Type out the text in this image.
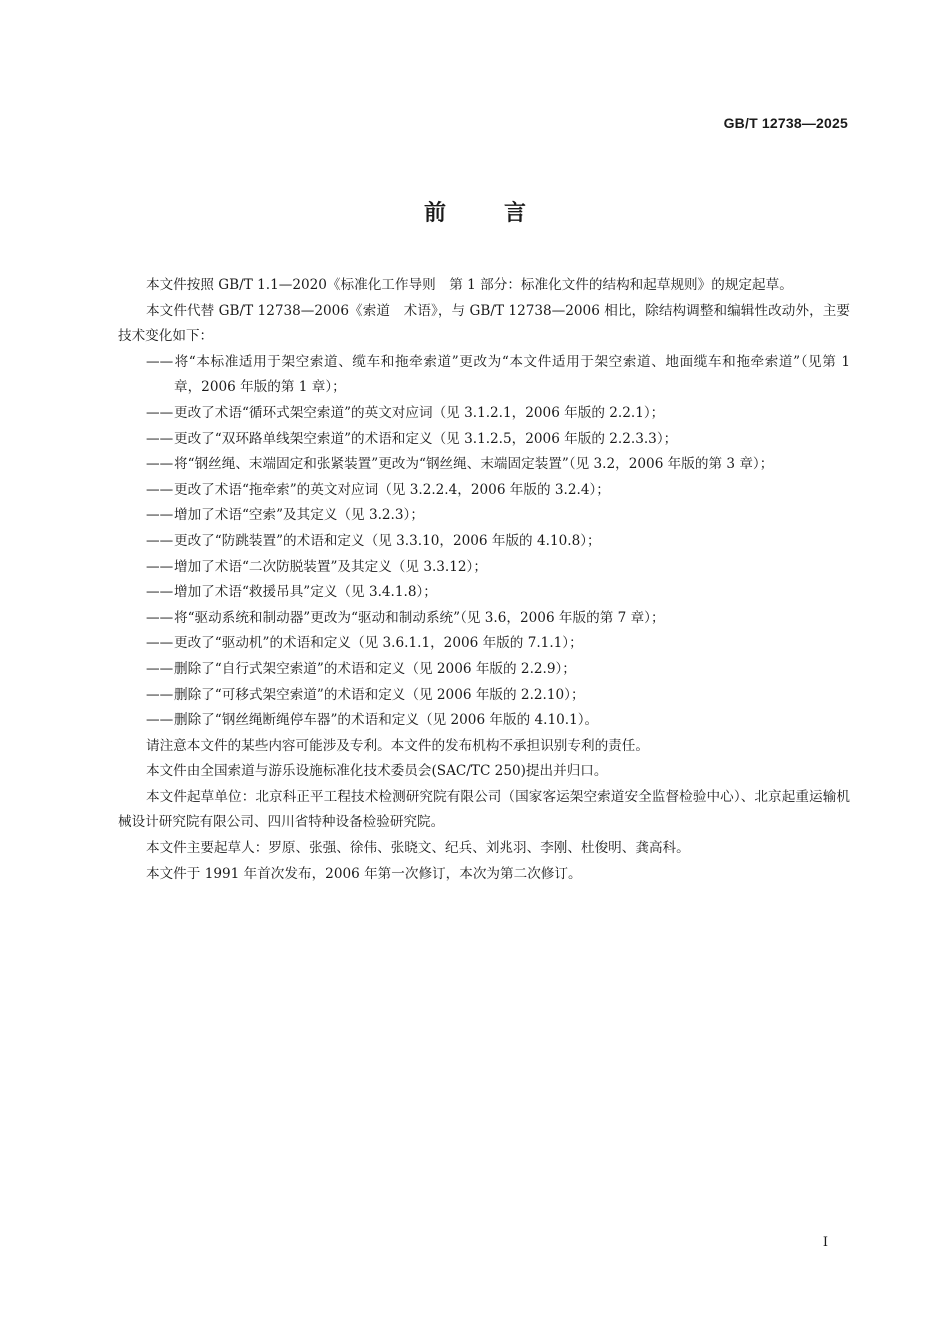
GB/T 12738—2025
前	言

本文件按照 GB/T 1.1—2020《标准化工作导则　第 1 部分：标准化文件的结构和起草规则》的规定起草。

本文件代替 GB/T 12738—2006《索道　术语》，与 GB/T 12738—2006 相比，除结构调整和编辑性改动外，主要技术变化如下：

——将“本标准适用于架空索道、缆车和拖牵索道”更改为“本文件适用于架空索道、地面缆车和拖牵索道”（见第 1 章，2006 年版的第 1 章）；

——更改了术语“循环式架空索道”的英文对应词（见 3.1.2.1，2006 年版的 2.2.1）；

——更改了“双环路单线架空索道”的术语和定义（见 3.1.2.5，2006 年版的 2.2.3.3）；

——将“钢丝绳、末端固定和张紧装置”更改为“钢丝绳、末端固定装置”（见 3.2，2006 年版的第 3 章）；

——更改了术语“拖牵索”的英文对应词（见 3.2.2.4，2006 年版的 3.2.4）；

——增加了术语“空索”及其定义（见 3.2.3）；

——更改了“防跳装置”的术语和定义（见 3.3.10，2006 年版的 4.10.8）；

——增加了术语“二次防脱装置”及其定义（见 3.3.12）；

——增加了术语“救援吊具”定义（见 3.4.1.8）；

——将“驱动系统和制动器”更改为“驱动和制动系统”（见 3.6，2006 年版的第 7 章）；

——更改了“驱动机”的术语和定义（见 3.6.1.1，2006 年版的 7.1.1）；

——删除了“自行式架空索道”的术语和定义（见 2006 年版的 2.2.9）；

——删除了“可移式架空索道”的术语和定义（见 2006 年版的 2.2.10）；

——删除了“钢丝绳断绳停车器”的术语和定义（见 2006 年版的 4.10.1）。

请注意本文件的某些内容可能涉及专利。本文件的发布机构不承担识别专利的责任。

本文件由全国索道与游乐设施标准化技术委员会(SAC/TC 250)提出并归口。

本文件起草单位：北京科正平工程技术检测研究院有限公司（国家客运架空索道安全监督检验中心）、北京起重运输机械设计研究院有限公司、四川省特种设备检验研究院。

本文件主要起草人：罗原、张强、徐伟、张晓文、纪兵、刘兆羽、李刚、杜俊明、龚高科。

本文件于 1991 年首次发布，2006 年第一次修订，本次为第二次修订。

I
